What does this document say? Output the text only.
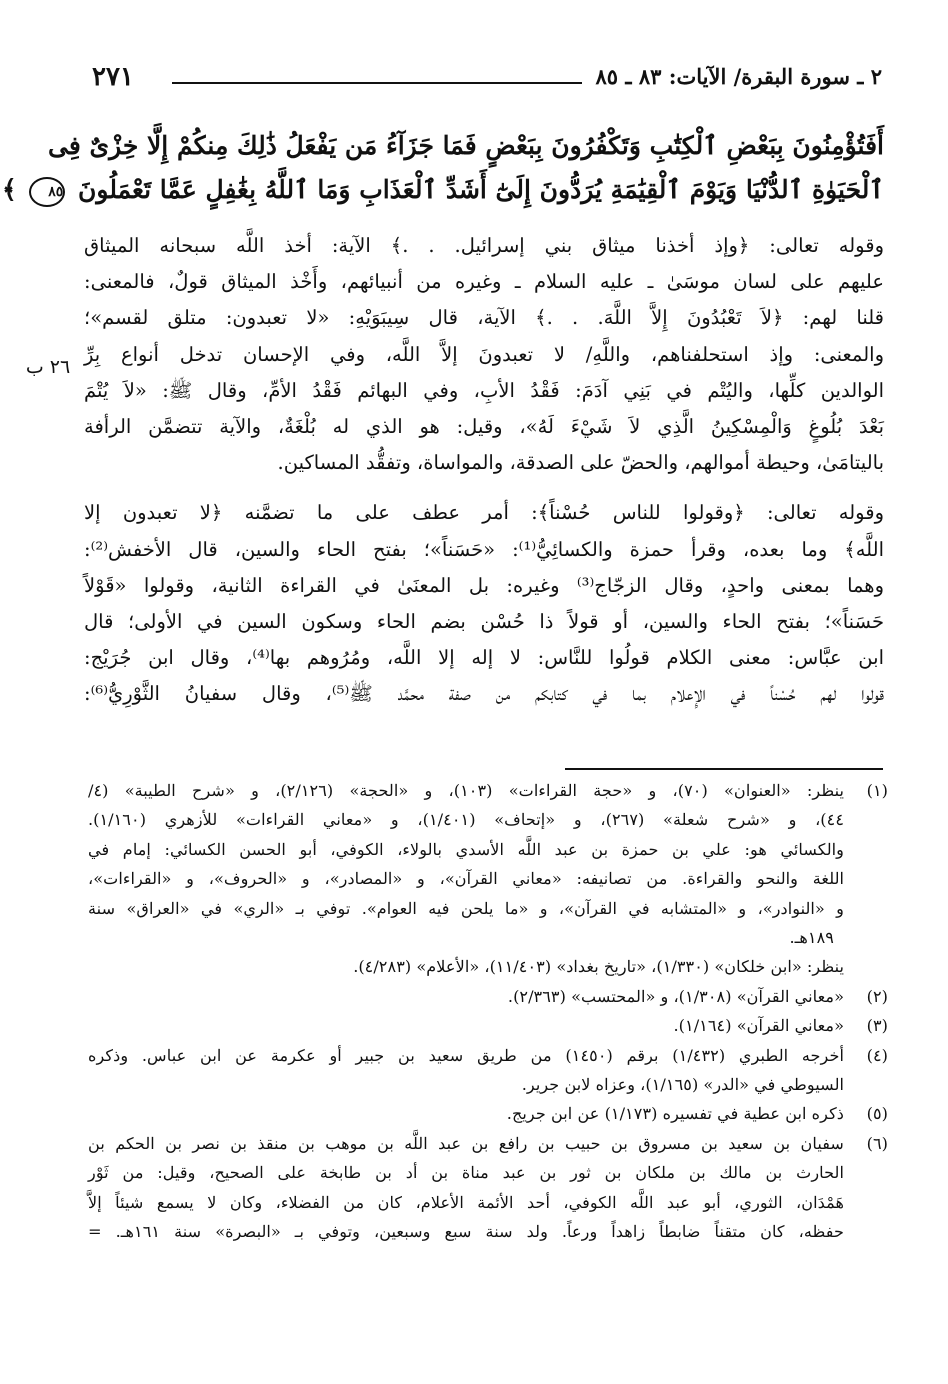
٢٧١	٢ ـ سورة البقرة/ الآيات: ٨٣ ـ ٨٥
أَفَتُؤْمِنُونَ بِبَعْضِ ٱلْكِتَٰبِ وَتَكْفُرُونَ بِبَعْضٍ فَمَا جَزَآءُ مَن يَفْعَلُ ذَٰلِكَ مِنكُمْ إِلَّا خِزْىٌ فِى
ٱلْحَيَوٰةِ ٱلدُّنْيَا وَيَوْمَ ٱلْقِيَٰمَةِ يُرَدُّونَ إِلَىٰٓ أَشَدِّ ٱلْعَذَابِ وَمَا ٱللَّهُ بِغَٰفِلٍ عَمَّا تَعْمَلُونَ ٨٥ ﴾
وقوله تعالى: ﴿وإذ أخذنا ميثاق بني إسرائيل. . .﴾ الآية: أخذ اللَّه سبحانه الميثاق
عليهم على لسان موسَىٰ ـ عليه السلام ـ وغيره من أنبيائهم، وأَخْذ الميثاق قولٌ، فالمعنى:
قلنا لهم: ﴿لاَ تَعْبُدُونَ إِلاَّ اللَّهَ. . .﴾ الآية، قال سِيبَوَيْهِ: «لا تعبدون: متلق لقسم»؛
والمعنى: وإذ استحلفناهم، واللَّهِ/ لا تعبدونَ إلاَّ اللَّه، وفي الإحسان تدخل أنواع بِرِّ
الوالدين كلِّها، واليُتْم في بَنِي آدَمَ: فَقْدُ الأبِ، وفي البهائم فَقْدُ الأمِّ، وقال ﷺ: «لاَ يُتْمَ
بَعْدَ بُلُوغٍ وَالْمِسْكِينُ الَّذِي لاَ شَيْءَ لَهُ»، وقيل: هو الذي له بُلْغَةٌ، والآية تتضمَّن الرأفة
باليتامَىٰ، وحيطة أموالهم، والحضّ على الصدقة، والمواساة، وتفقُّد المساكين.
وقوله تعالى: ﴿وقولوا للناس حُسْناً﴾: أمر عطف على ما تضمَّنه ﴿لا تعبدون إلا
اللَّه﴾ وما بعده، وقرأ حمزة والكسائِيُّ⁽¹⁾: «حَسَناً»؛ بفتح الحاء والسين، قال الأخفش⁽²⁾:
وهما بمعنى واحدٍ، وقال الزجّاج⁽³⁾ وغيره: بل المعنَىٰ في القراءة الثانية، وقولوا «قَوْلاً
حَسَناً»؛ بفتح الحاء والسين، أو قولاً ذا حُسْن بضم الحاء وسكون السين في الأولى؛ قال
ابن عبَّاس: معنى الكلام قولُوا للنَّاس: لا إله إلا اللَّه، ومُرُوهم بها⁽⁴⁾، وقال ابن جُرَيْج:
قولوا لهم حُسْناً في الإِعلام بما في كتابكم من صفة محمَّد ﷺ⁽⁵⁾، وقال سفيانُ الثَّوْرِيُّ⁽⁶⁾:
٢٦ ب
(١)
ينظر: «العنوان» (٧٠)، و «حجة القراءات» (١٠٣)، و «الحجة» (٢/١٢٦)، و «شرح الطيبة» (٤/
٤٤)، و «شرح شعلة» (٢٦٧)، و «إتحاف» (١/٤٠١)، و «معاني القراءات» للأزهري (١/١٦٠).
والكسائي هو: علي بن حمزة بن عبد اللَّه الأسدي بالولاء، الكوفي، أبو الحسن الكسائي: إمام في
اللغة والنحو والقراءة. من تصانيفه: «معاني القرآن»، و «المصادر»، و «الحروف»، و «القراءات»،
و «النوادر»، و «المتشابه في القرآن»، و «ما يلحن فيه العوام». توفي بـ «الري» في «العراق» سنة
١٨٩هـ.
ينظر: «ابن خلكان» (١/٣٣٠)، «تاريخ بغداد» (١١/٤٠٣)، «الأعلام» (٤/٢٨٣).
(٢)
«معاني القرآن» (١/٣٠٨)، و «المحتسب» (٢/٣٦٣).
(٣)
«معاني القرآن» (١/١٦٤).
(٤)
أخرجه الطبري (١/٤٣٢) برقم (١٤٥٠) من طريق سعيد بن جبير أو عكرمة عن ابن عباس. وذكره
السيوطي في «الدر» (١/١٦٥)، وعزاه لابن جرير.
(٥)
ذكره ابن عطية في تفسيره (١/١٧٣) عن ابن جريج.
(٦)
سفيان بن سعيد بن مسروق بن حبيب بن رافع بن عبد اللَّه بن موهب بن منقذ بن نصر بن الحكم بن
الحارث بن مالك بن ملكان بن ثور بن عبد مناة بن أد بن طابخة على الصحيح، وقيل: من ثَوْر
هَمْدَان، الثوري، أبو عبد اللَّه الكوفي، أحد الأئمة الأعلام، كان من الفضلاء، وكان لا يسمع شيئاً إلاَّ
حفظه، كان متقناً ضابطاً زاهداً ورعاً. ولد سنة سبع وسبعين، وتوفي بـ «البصرة» سنة ١٦١هـ. =
